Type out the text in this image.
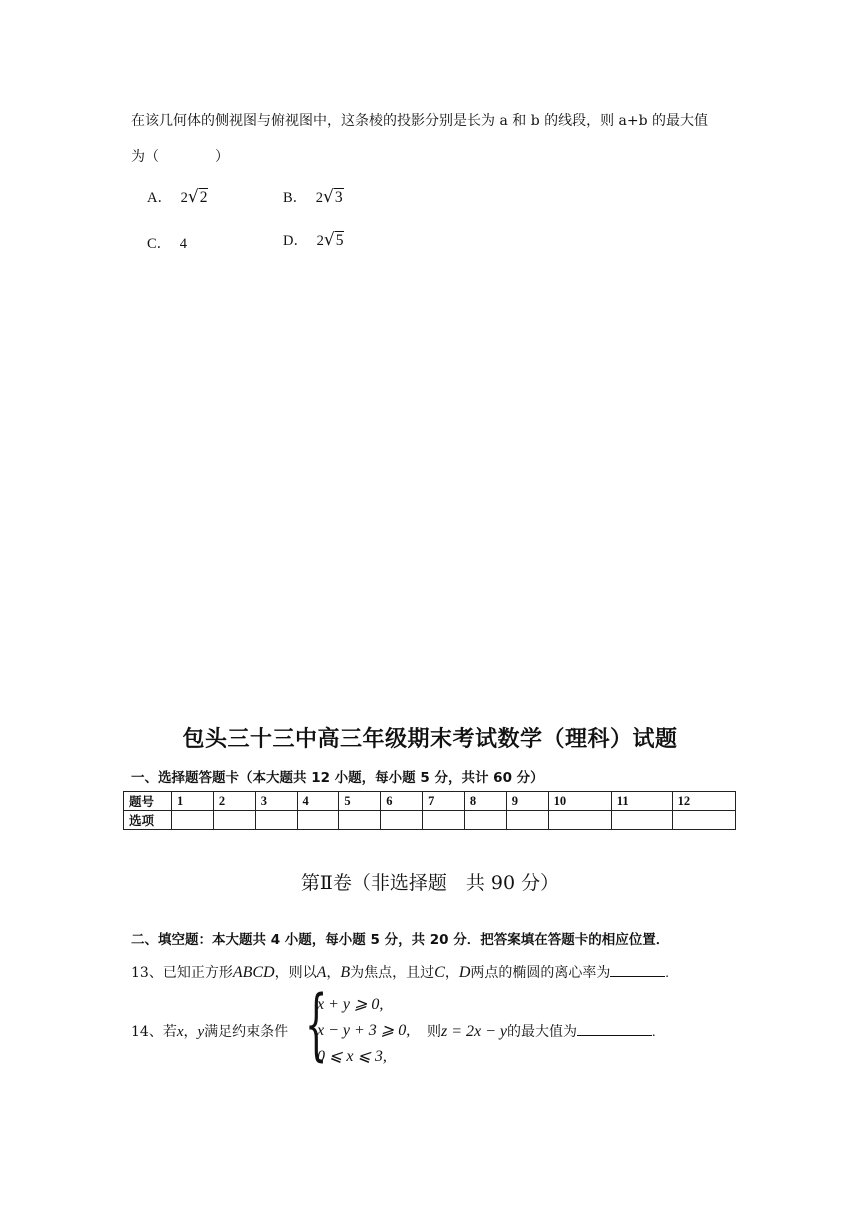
在该几何体的侧视图与俯视图中，这条棱的投影分别是长为 a 和 b 的线段，则 a+b 的最大值
为（　　　　）
A． 2√2	B． 2√3
C． 4	D． 2√5
包头三十三中高三年级期末考试数学（理科）试题
一、选择题答题卡（本大题共 12 小题，每小题 5 分，共计 60 分）
题号	1	2	3	4	5	6	7	8	9	10	11	12
选项												
第Ⅱ卷（非选择题　共 90 分）
二、填空题：本大题共 4 小题，每小题 5 分，共 20 分．把答案填在答题卡的相应位置．
13、已知正方形ABCD，则以A，B为焦点，且过C，D两点的椭圆的离心率为	.
14、若x，y满足约束条件 {
x + y ⩾ 0,
x − y + 3 ⩾ 0,
0 ⩽ x ⩽ 3,
则z = 2x − y的最大值为	.
